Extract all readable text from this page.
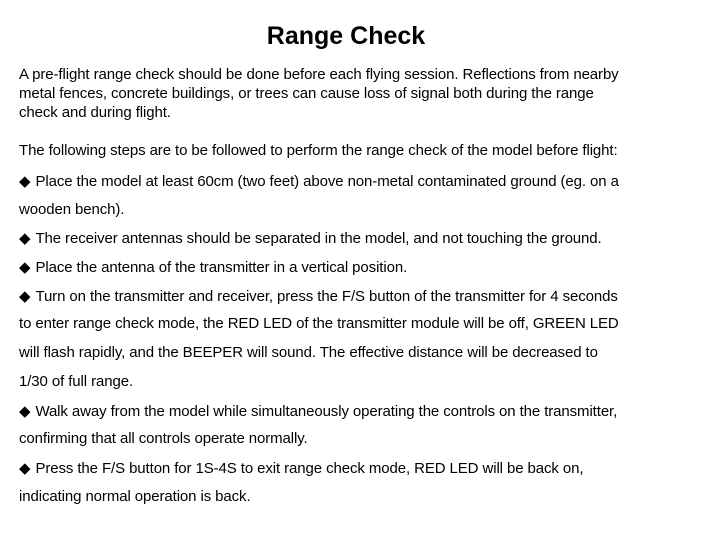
Range Check
A pre-flight range check should be done before each flying session. Reflections from nearby
metal fences, concrete buildings, or trees can cause loss of signal both during the range
check and during flight.
The following steps are to be followed to perform the range check of the model before flight:
◆ Place the model at least 60cm (two feet) above non-metal contaminated ground (eg. on a
wooden bench).
◆ The receiver antennas should be separated in the model, and not touching the ground.
◆ Place the antenna of the transmitter in a vertical position.
◆ Turn on the transmitter and receiver, press the F/S button of the transmitter for 4 seconds
to enter range check mode, the RED LED of the transmitter module will be off, GREEN LED
will flash rapidly, and the BEEPER will sound. The effective distance will be decreased to
1/30 of full range.
◆ Walk away from the model while simultaneously operating the controls on the transmitter,
confirming that all controls operate normally.
◆ Press the F/S button for 1S-4S to exit range check mode, RED LED will be back on,
indicating normal operation is back.
